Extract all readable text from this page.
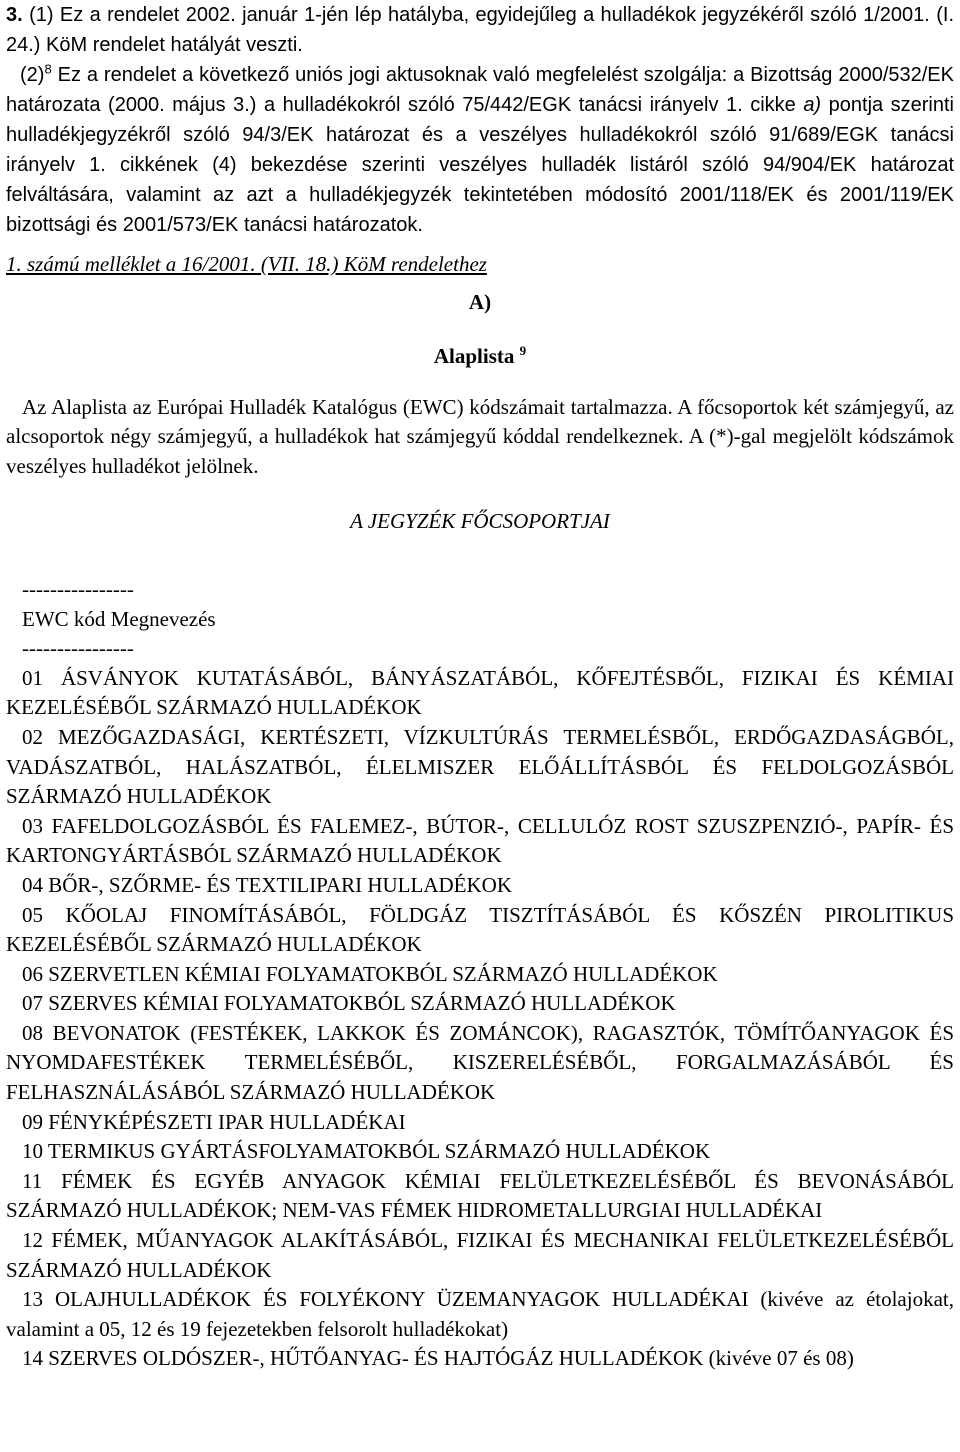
3. (1) Ez a rendelet 2002. január 1-jén lép hatályba, egyidejűleg a hulladékok jegyzékéről szóló 1/2001. (I. 24.) KöM rendelet hatályát veszti.
$(2)^8$ Ez a rendelet a következő uniós jogi aktusoknak való megfelelést szolgálja: a Bizottság 2000/532/EK határozata (2000. május 3.) a hulladékokról szóló 75/442/EGK tanácsi irányelv 1. cikke a) pontja szerinti hulladékjegyzékről szóló 94/3/EK határozat és a veszélyes hulladékokról szóló 91/689/EGK tanácsi irányelv 1. cikkének (4) bekezdése szerinti veszélyes hulladék listáról szóló 94/904/EK határozat felváltására, valamint az azt a hulladékjegyzék tekintetében módosító 2001/118/EK és 2001/119/EK bizottsági és 2001/573/EK tanácsi határozatok.
1. számú melléklet a 16/2001. (VII. 18.) KöM rendelethez
A)
Alaplista $^9$
Az Alaplista az Európai Hulladék Katalógus (EWC) kódszámait tartalmazza. A főcsoportok két számjegyű, az alcsoportok négy számjegyű, a hulladékok hat számjegyű kóddal rendelkeznek. A (*)-gal megjelölt kódszámok veszélyes hulladékot jelölnek.
A JEGYZÉK FŐCSOPORTJAI
----------------
EWC kód Megnevezés
----------------
01 ÁSVÁNYOK KUTATÁSÁBÓL, BÁNYÁSZATÁBÓL, KŐFEJTÉSBŐL, FIZIKAI ÉS KÉMIAI KEZELÉSÉBŐL SZÁRMAZÓ HULLADÉKOK
02 MEZŐGAZDASÁGI, KERTÉSZETI, VÍZKULTÚRÁS TERMELÉSBŐL, ERDŐGAZDASÁGBÓL, VADÁSZATBÓL, HALÁSZATBÓL, ÉLELMISZER ELŐÁLLÍTÁSBÓL ÉS FELDOLGOZÁSBÓL SZÁRMAZÓ HULLADÉKOK
03 FAFELDOLGOZÁSBÓL ÉS FALEMEZ-, BÚTOR-, CELLULÓZ ROST SZUSZPENZIÓ-, PAPÍR- ÉS KARTONGYÁRTÁSBÓL SZÁRMAZÓ HULLADÉKOK
04 BŐR-, SZŐRME- ÉS TEXTILIPARI HULLADÉKOK
05 KŐOLAJ FINOMÍTÁSÁBÓL, FÖLDGÁZ TISZTÍTÁSÁBÓL ÉS KŐSZÉN PIROLITIKUS KEZELÉSÉBŐL SZÁRMAZÓ HULLADÉKOK
06 SZERVETLEN KÉMIAI FOLYAMATOKBÓL SZÁRMAZÓ HULLADÉKOK
07 SZERVES KÉMIAI FOLYAMATOKBÓL SZÁRMAZÓ HULLADÉKOK
08 BEVONATOK (FESTÉKEK, LAKKOK ÉS ZOMÁNCOK), RAGASZTÓK, TÖMÍTŐANYAGOK ÉS NYOMDAFESTÉKEK TERMELÉSÉBŐL, KISZERELÉSÉBŐL, FORGALMAZÁSÁBÓL ÉS FELHASZNÁLÁSÁBÓL SZÁRMAZÓ HULLADÉKOK
09 FÉNYKÉPÉSZETI IPAR HULLADÉKAI
10 TERMIKUS GYÁRTÁSFOLYAMATOKBÓL SZÁRMAZÓ HULLADÉKOK
11 FÉMEK ÉS EGYÉB ANYAGOK KÉMIAI FELÜLETKEZELÉSÉBŐL ÉS BEVONÁSÁBÓL SZÁRMAZÓ HULLADÉKOK; NEM-VAS FÉMEK HIDROMETALLURGIAI HULLADÉKAI
12 FÉMEK, MŰANYAGOK ALAKÍTÁSÁBÓL, FIZIKAI ÉS MECHANIKAI FELÜLETKEZELÉSÉBŐL SZÁRMAZÓ HULLADÉKOK
13 OLAJHULLADÉKOK ÉS FOLYÉKONY ÜZEMANYAGOK HULLADÉKAI (kivéve az étolajokat, valamint a 05, 12 és 19 fejezetekben felsorolt hulladékokat)
14 SZERVES OLDÓSZER-, HŰTŐANYAG- ÉS HAJTÓGÁZ HULLADÉKOK (kivéve 07 és 08)
